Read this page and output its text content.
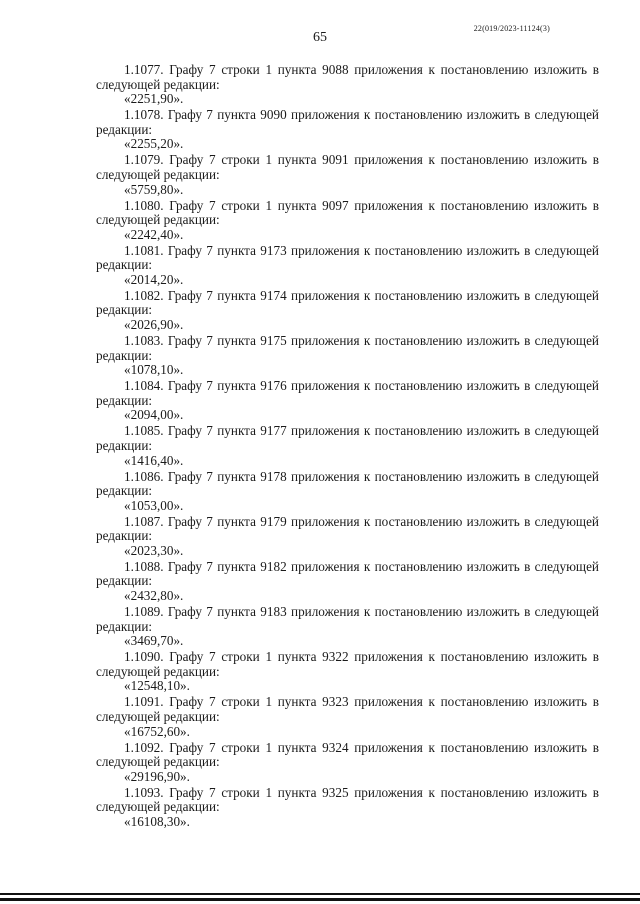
65
22(019/2023-11124(3)

1.1077. Графу 7 строки 1 пункта 9088 приложения к постановлению изложить в следующей редакции:

«2251,90».

1.1078. Графу 7 пункта 9090 приложения к постановлению изложить в следующей редакции:

«2255,20».

1.1079. Графу 7 строки 1 пункта 9091 приложения к постановлению изложить в следующей редакции:

«5759,80».

1.1080. Графу 7 строки 1 пункта 9097 приложения к постановлению изложить в следующей редакции:

«2242,40».

1.1081. Графу 7 пункта 9173 приложения к постановлению изложить в следующей редакции:

«2014,20».

1.1082. Графу 7 пункта 9174 приложения к постановлению изложить в следующей редакции:

«2026,90».

1.1083. Графу 7 пункта 9175 приложения к постановлению изложить в следующей редакции:

«1078,10».

1.1084. Графу 7 пункта 9176 приложения к постановлению изложить в следующей редакции:

«2094,00».

1.1085. Графу 7 пункта 9177 приложения к постановлению изложить в следующей редакции:

«1416,40».

1.1086. Графу 7 пункта 9178 приложения к постановлению изложить в следующей редакции:

«1053,00».

1.1087. Графу 7 пункта 9179 приложения к постановлению изложить в следующей редакции:

«2023,30».

1.1088. Графу 7 пункта 9182 приложения к постановлению изложить в следующей редакции:

«2432,80».

1.1089. Графу 7 пункта 9183 приложения к постановлению изложить в следующей редакции:

«3469,70».

1.1090. Графу 7 строки 1 пункта 9322 приложения к постановлению изложить в следующей редакции:

«12548,10».

1.1091. Графу 7 строки 1 пункта 9323 приложения к постановлению изложить в следующей редакции:

«16752,60».

1.1092. Графу 7 строки 1 пункта 9324 приложения к постановлению изложить в следующей редакции:

«29196,90».

1.1093. Графу 7 строки 1 пункта 9325 приложения к постановлению изложить в следующей редакции:

«16108,30».
